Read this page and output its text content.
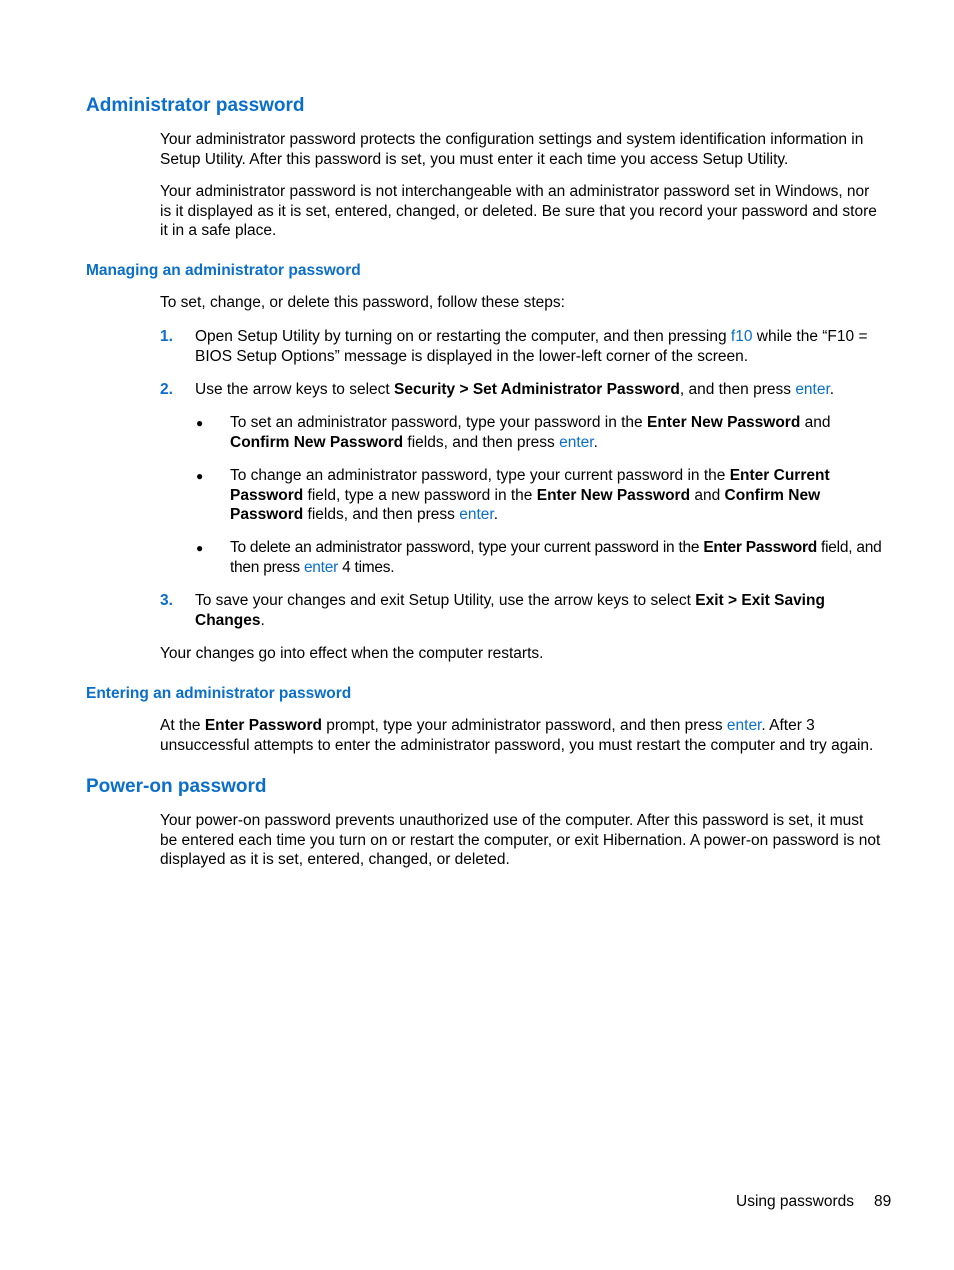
Administrator password

Your administrator password protects the configuration settings and system identification information in Setup Utility. After this password is set, you must enter it each time you access Setup Utility.

Your administrator password is not interchangeable with an administrator password set in Windows, nor is it displayed as it is set, entered, changed, or deleted. Be sure that you record your password and store it in a safe place.

Managing an administrator password

To set, change, or delete this password, follow these steps:

1. Open Setup Utility by turning on or restarting the computer, and then pressing f10 while the “F10 = BIOS Setup Options” message is displayed in the lower-left corner of the screen.

2. Use the arrow keys to select Security > Set Administrator Password, and then press enter.

● To set an administrator password, type your password in the Enter New Password and Confirm New Password fields, and then press enter.

● To change an administrator password, type your current password in the Enter Current Password field, type a new password in the Enter New Password and Confirm New Password fields, and then press enter.

● To delete an administrator password, type your current password in the Enter Password field, and then press enter 4 times.

3. To save your changes and exit Setup Utility, use the arrow keys to select Exit > Exit Saving Changes.

Your changes go into effect when the computer restarts.

Entering an administrator password

At the Enter Password prompt, type your administrator password, and then press enter. After 3 unsuccessful attempts to enter the administrator password, you must restart the computer and try again.

Power-on password

Your power-on password prevents unauthorized use of the computer. After this password is set, it must be entered each time you turn on or restart the computer, or exit Hibernation. A power-on password is not displayed as it is set, entered, changed, or deleted.

Using passwords 89
